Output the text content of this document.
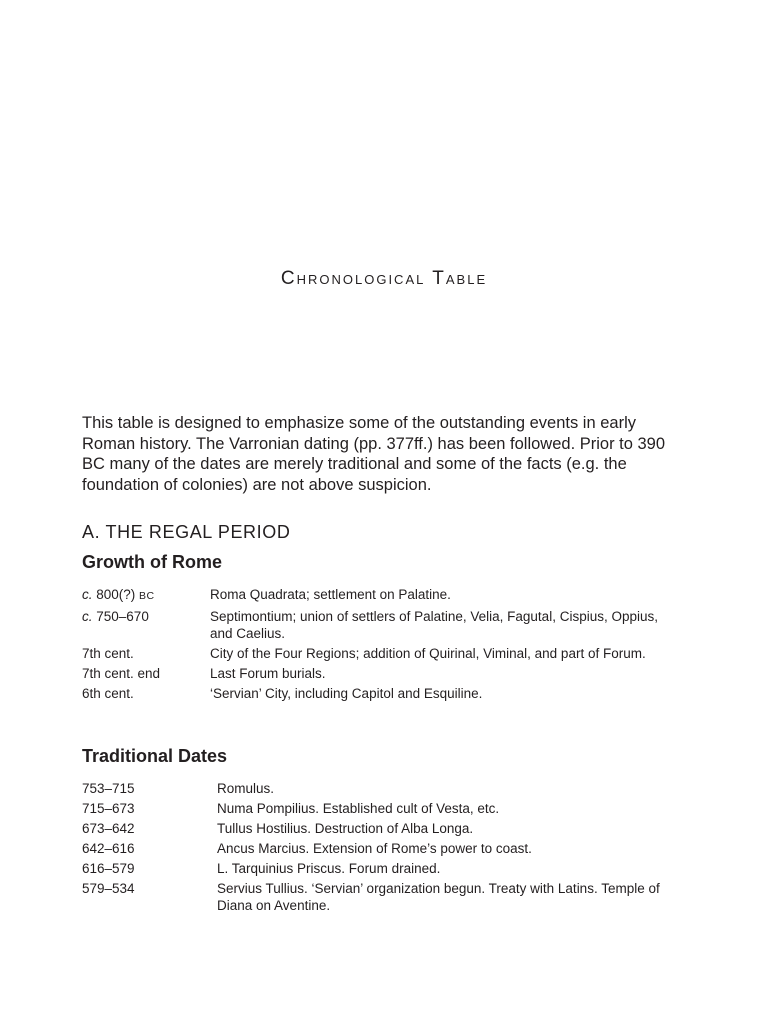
Chronological Table

This table is designed to emphasize some of the outstanding events in early Roman history. The Varronian dating (pp. 377ff.) has been followed. Prior to 390 BC many of the dates are merely traditional and some of the facts (e.g. the foundation of colonies) are not above suspicion.

A. THE REGAL PERIOD
Growth of Rome
c. 800(?) BC	Roma Quadrata; settlement on Palatine.
c. 750–670	Septimontium; union of settlers of Palatine, Velia, Fagutal, Cispius, Oppius, and Caelius.
7th cent.	City of the Four Regions; addition of Quirinal, Viminal, and part of Forum.
7th cent. end	Last Forum burials.
6th cent.	‘Servian’ City, including Capitol and Esquiline.
Traditional Dates
753–715	Romulus.
715–673	Numa Pompilius. Established cult of Vesta, etc.
673–642	Tullus Hostilius. Destruction of Alba Longa.
642–616	Ancus Marcius. Extension of Rome’s power to coast.
616–579	L. Tarquinius Priscus. Forum drained.
579–534	Servius Tullius. ‘Servian’ organization begun. Treaty with Latins. Temple of Diana on Aventine.
